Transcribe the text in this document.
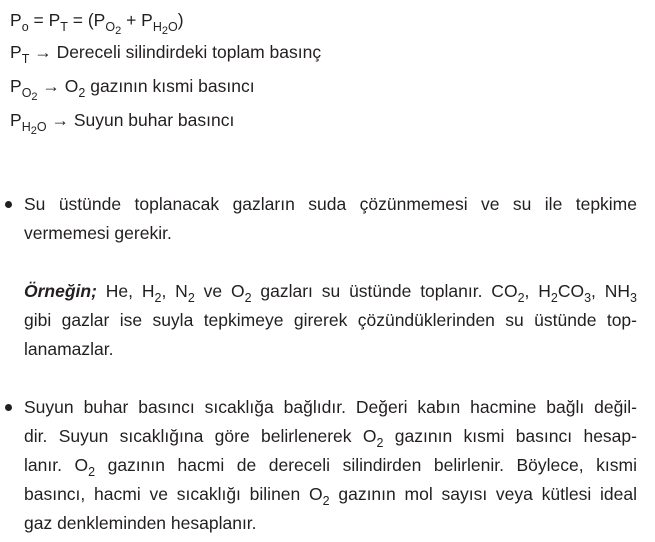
$P_o = P_T = (P_{O2} + P_{H2O})$
$P_T$ → Dereceli silindirdeki toplam basınç
$P_{O2} \to O_2$ gazının kısmi basıncı
$P_{H2O}$ → Suyun buhar basıncı
Su üstünde toplanacak gazların suda çözünmemesi ve su ile tepkime
vermemesi gerekir.
Örneğin; He, $H_2$, $N_2$ ve $O_2$ gazları su üstünde toplanır. $CO_2$, $H_2CO_3$, $NH_3$
gibi gazlar ise suyla tepkimeye girerek çözündüklerinden su üstünde top-
lanamazlar.
Suyun buhar basıncı sıcaklığa bağlıdır. Değeri kabın hacmine bağlı değil-
dir. Suyun sıcaklığına göre belirlenerek $O_2$ gazının kısmi basıncı hesap-
lanır. $O_2$ gazının hacmi de dereceli silindirden belirlenir. Böylece, kısmi
basıncı, hacmi ve sıcaklığı bilinen $O_2$ gazının mol sayısı veya kütlesi ideal
gaz denkleminden hesaplanır.
